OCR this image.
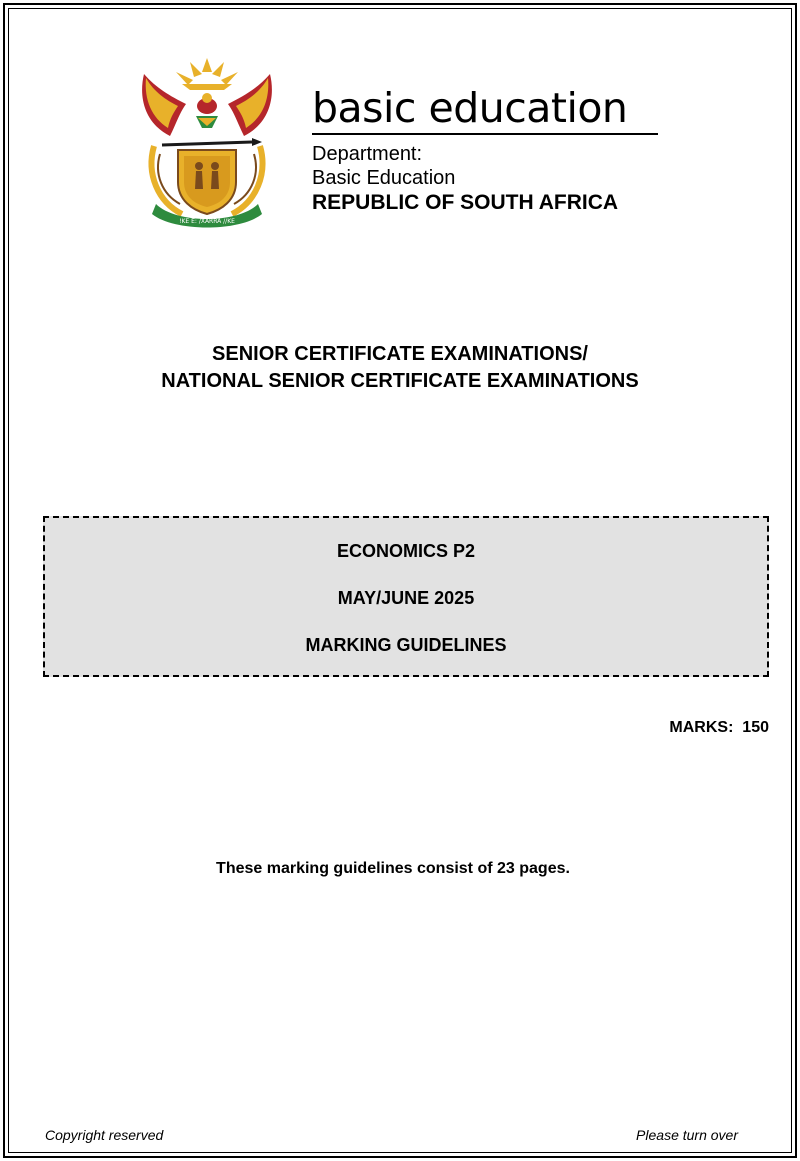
!KE E: /XARRA //KE
basic education
Department:
Basic Education
REPUBLIC OF SOUTH AFRICA
SENIOR CERTIFICATE EXAMINATIONS/
NATIONAL SENIOR CERTIFICATE EXAMINATIONS
ECONOMICS P2
MAY/JUNE 2025
MARKING GUIDELINES
MARKS:  150
These marking guidelines consist of 23 pages.
Copyright reserved	Please turn over
